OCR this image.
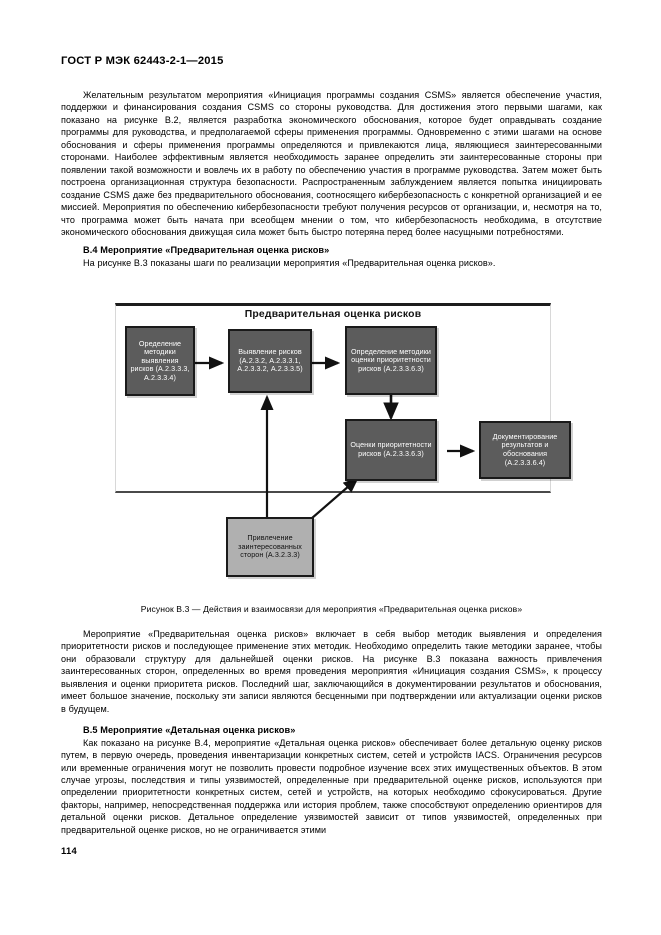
ГОСТ Р МЭК 62443-2-1—2015

Желательным результатом мероприятия «Инициация программы создания CSMS» является обеспечение участия, поддержки и финансирования создания CSMS со стороны руководства. Для достижения этого первыми шагами, как показано на рисунке В.2, является разработка экономического обоснования, которое будет оправдывать создание программы для руководства, и предполагаемой сферы применения программы. Одновременно с этими шагами на основе обоснования и сферы применения программы определяются и привлекаются лица, являющиеся заинтересованными сторонами. Наиболее эффективным является необходимость заранее определить эти заинтересованные стороны при появлении такой возможности и вовлечь их в работу по обеспечению участия в программе руководства. Затем может быть построена организационная структура безопасности. Распространенным заблуждением является попытка инициировать создание CSMS даже без предварительного обоснования, соотносящего кибербезопасность с конкретной организацией и ее миссией. Мероприятия по обеспечению кибербезопасности требуют получения ресурсов от организации, и, несмотря на то, что программа может быть начата при всеобщем мнении о том, что кибербезопасность необходима, в отсутствие экономического обоснования движущая сила может быть быстро потеряна перед более насущными потребностями.

В.4 Мероприятие «Предварительная оценка рисков»

На рисунке В.3 показаны шаги по реализации мероприятия «Предварительная оценка рисков».

Предварительная оценка рисков
Оределение методики выявления рисков (А.2.3.3.3, А.2.3.3.4)
Выявление рисков (А.2.3.2, А.2.3.3.1, А.2.3.3.2, А.2.3.3.5)
Определение методики оценки приоритетности рисков (А.2.3.3.6.3)
Оценки приоритетности рисков (А.2.3.3.6.3)
Документирование результатов и обоснования (А.2.3.3.6.4)
Привлечение заинтересованных сторон (А.3.2.3.3)
Рисунок В.3 — Действия и взаимосвязи для мероприятия «Предварительная оценка рисков»

Мероприятие «Предварительная оценка рисков» включает в себя выбор методик выявления и определения приоритетности рисков и последующее применение этих методик. Необходимо определить такие методики заранее, чтобы они образовали структуру для дальнейшей оценки рисков. На рисунке В.3 показана важность привлечения заинтересованных сторон, определенных во время проведения мероприятия «Инициация создания CSMS», к процессу выявления и оценки приоритета рисков. Последний шаг, заключающийся в документировании результатов и обоснования, имеет большое значение, поскольку эти записи являются бесценными при подтверждении или актуализации оценки рисков в будущем.

В.5 Мероприятие «Детальная оценка рисков»

Как показано на рисунке В.4, мероприятие «Детальная оценка рисков» обеспечивает более детальную оценку рисков путем, в первую очередь, проведения инвентаризации конкретных систем, сетей и устройств IACS. Ограничения ресурсов или временные ограничения могут не позволить провести подробное изучение всех этих имущественных объектов. В этом случае угрозы, последствия и типы уязвимостей, определенные при предварительной оценке рисков, используются при определении приоритетности конкретных систем, сетей и устройств, на которых необходимо сфокусироваться. Другие факторы, например, непосредственная поддержка или история проблем, также способствуют определению ориентиров для детальной оценки рисков. Детальное определение уязвимостей зависит от типов уязвимостей, определенных при предварительной оценке рисков, но не ограничивается этими

114
